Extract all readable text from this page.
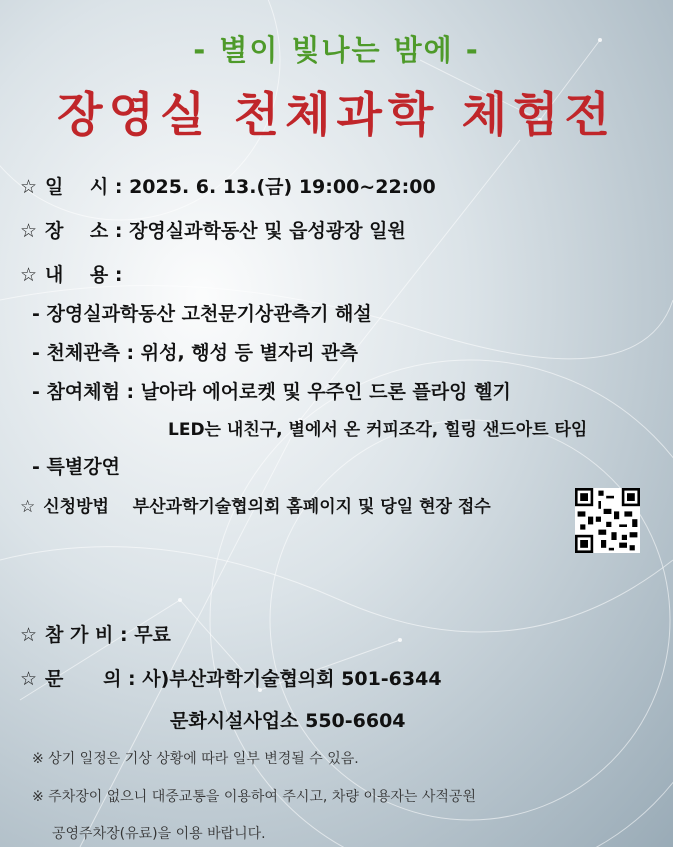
- 별이 빛나는 밤에 -
장영실 천체과학 체험전
☆ 일    시 : 2025. 6. 13.(금) 19:00~22:00
☆ 장    소 : 장영실과학동산 및 읍성광장 일원
☆ 내    용 :
- 장영실과학동산 고천문기상관측기 해설
- 천체관측 : 위성, 행성 등 별자리 관측
- 참여체험 : 날아라 에어로켓 및 우주인 드론 플라잉 헬기
LED는 내친구, 별에서 온 커피조각, 힐링 샌드아트 타임
- 특별강연
☆ 신청방법 부산과학기술협의회 홈페이지 및 당일 현장 접수
☆ 참 가 비 : 무료
☆ 문      의 : 사)부산과학기술협의회 501-6344
문화시설사업소 550-6604
※ 상기 일정은 기상 상황에 따라 일부 변경될 수 있음.
※ 주차장이 없으니 대중교통을 이용하여 주시고, 차량 이용자는 사적공원
공영주차장(유료)을 이용 바랍니다.
